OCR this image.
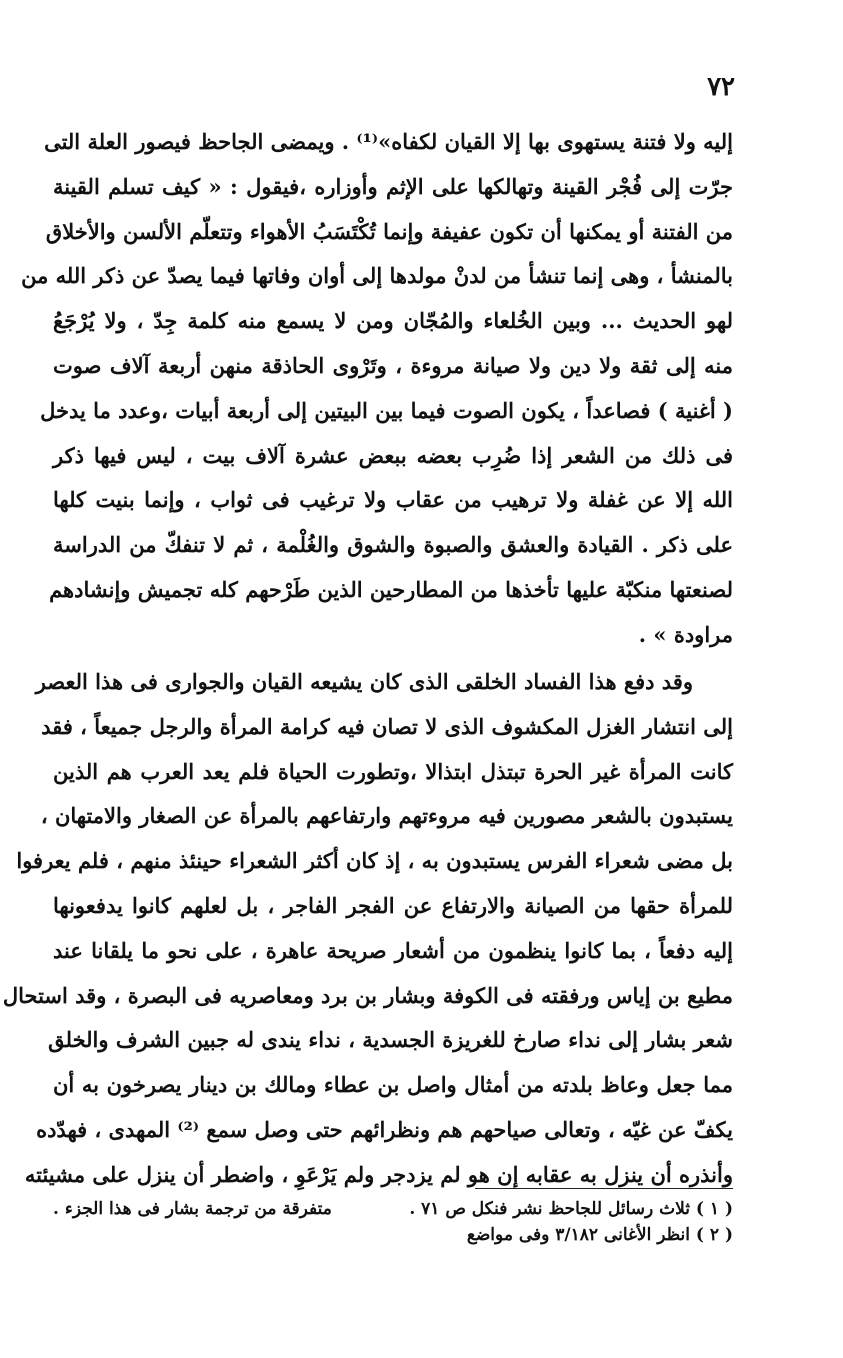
٧٢
إليه ولا فتنة يستهوى بها إلا القيان لكفاه»⁽¹⁾ . ويمضى الجاحظ فيصور العلة التى
جرّت إلى فُجْر القينة وتهالكها على الإثم وأوزاره ،فيقول : « كيف تسلم القينة
من الفتنة أو يمكنها أن تكون عفيفة وإنما تُكْتَسَبُ الأهواء وتتعلّم الألسن والأخلاق
بالمنشأ ، وهى إنما تنشأ من لدنْ مولدها إلى أوان وفاتها فيما يصدّ عن ذكر الله من
لهو الحديث ... وبين الخُلعاء والمُجّان ومن لا يسمع منه كلمة جِدّ ، ولا يُرْجَعُ
منه إلى ثقة ولا دين ولا صيانة مروءة ، وتَرْوى الحاذقة منهن أربعة آلاف صوت
( أغنية ) فصاعداً ، يكون الصوت فيما بين البيتين إلى أربعة أبيات ،وعدد ما يدخل
فى ذلك من الشعر إذا ضُرِب بعضه ببعض عشرة آلاف بيت ، ليس فيها ذكر
الله إلا عن غفلة ولا ترهيب من عقاب ولا ترغيب فى ثواب ، وإنما بنيت كلها
على ذكر . القيادة والعشق والصبوة والشوق والغُلْمة ، ثم لا تنفكّ من الدراسة
لصنعتها منكبّة عليها تأخذها من المطارحين الذين طَرْحهم كله تجميش وإنشادهم
مراودة » .
وقد دفع هذا الفساد الخلقى الذى كان يشيعه القيان والجوارى فى هذا العصر
إلى انتشار الغزل المكشوف الذى لا تصان فيه كرامة المرأة والرجل جميعاً ، فقد
كانت المرأة غير الحرة تبتذل ابتذالا ،وتطورت الحياة فلم يعد العرب هم الذين
يستبدون بالشعر مصورين فيه مروءتهم وارتفاعهم بالمرأة عن الصغار والامتهان ،
بل مضى شعراء الفرس يستبدون به ، إذ كان أكثر الشعراء حينئذ منهم ، فلم يعرفوا
للمرأة حقها من الصيانة والارتفاع عن الفجر الفاجر ، بل لعلهم كانوا يدفعونها
إليه دفعاً ، بما كانوا ينظمون من أشعار صريحة عاهرة ، على نحو ما يلقانا عند
مطيع بن إياس ورفقته فى الكوفة وبشار بن برد ومعاصريه فى البصرة ، وقد استحال
شعر بشار إلى نداء صارخ للغريزة الجسدية ، نداء يندى له جبين الشرف والخلق
مما جعل وعاظ بلدته من أمثال واصل بن عطاء ومالك بن دينار يصرخون به أن
يكفّ عن غيّه ، وتعالى صياحهم هم ونظرائهم حتى وصل سمع ⁽²⁾ المهدى ، فهدّده
وأنذره أن ينزل به عقابه إن هو لم يزدجر ولم يَرْعَوِ ، واضطر أن ينزل على مشيئته
( ١ ) ثلاث رسائل للجاحظ نشر فنكل ص ٧١ .
متفرقة من ترجمة بشار فى هذا الجزء .
( ٢ ) انظر الأغانى ٣/١٨٢ وفى مواضع
